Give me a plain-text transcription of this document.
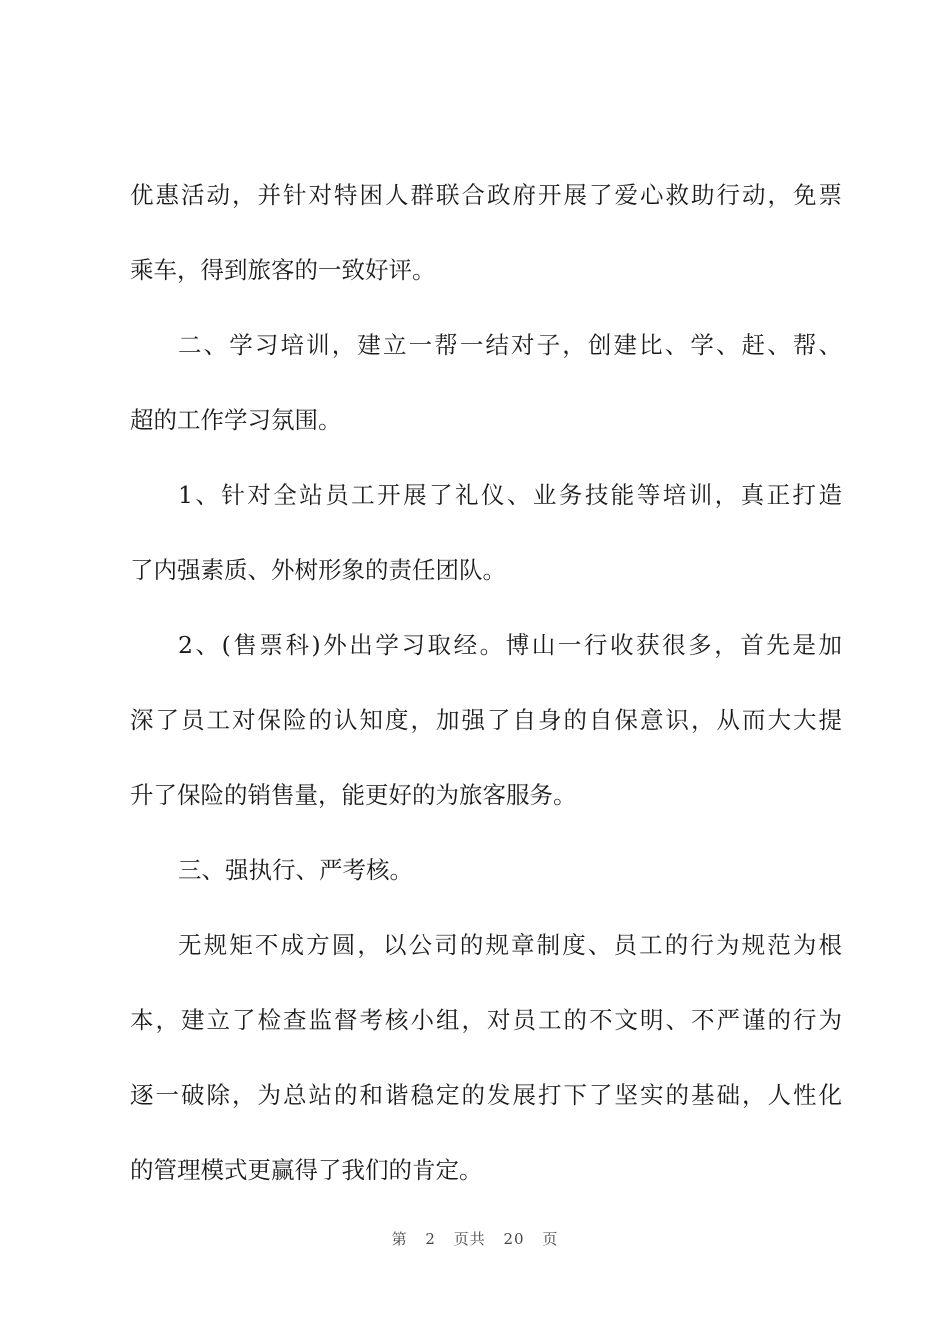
优惠活动，并针对特困人群联合政府开展了爱心救助行动，免票
乘车，得到旅客的一致好评。
二、学习培训，建立一帮一结对子，创建比、学、赶、帮、
超的工作学习氛围。
1、针对全站员工开展了礼仪、业务技能等培训，真正打造
了内强素质、外树形象的责任团队。
2、(售票科)外出学习取经。博山一行收获很多，首先是加
深了员工对保险的认知度，加强了自身的自保意识，从而大大提
升了保险的销售量，能更好的为旅客服务。
三、强执行、严考核。
无规矩不成方圆，以公司的规章制度、员工的行为规范为根
本，建立了检查监督考核小组，对员工的不文明、不严谨的行为
逐一破除，为总站的和谐稳定的发展打下了坚实的基础，人性化
的管理模式更赢得了我们的肯定。
第 2 页共 20 页
